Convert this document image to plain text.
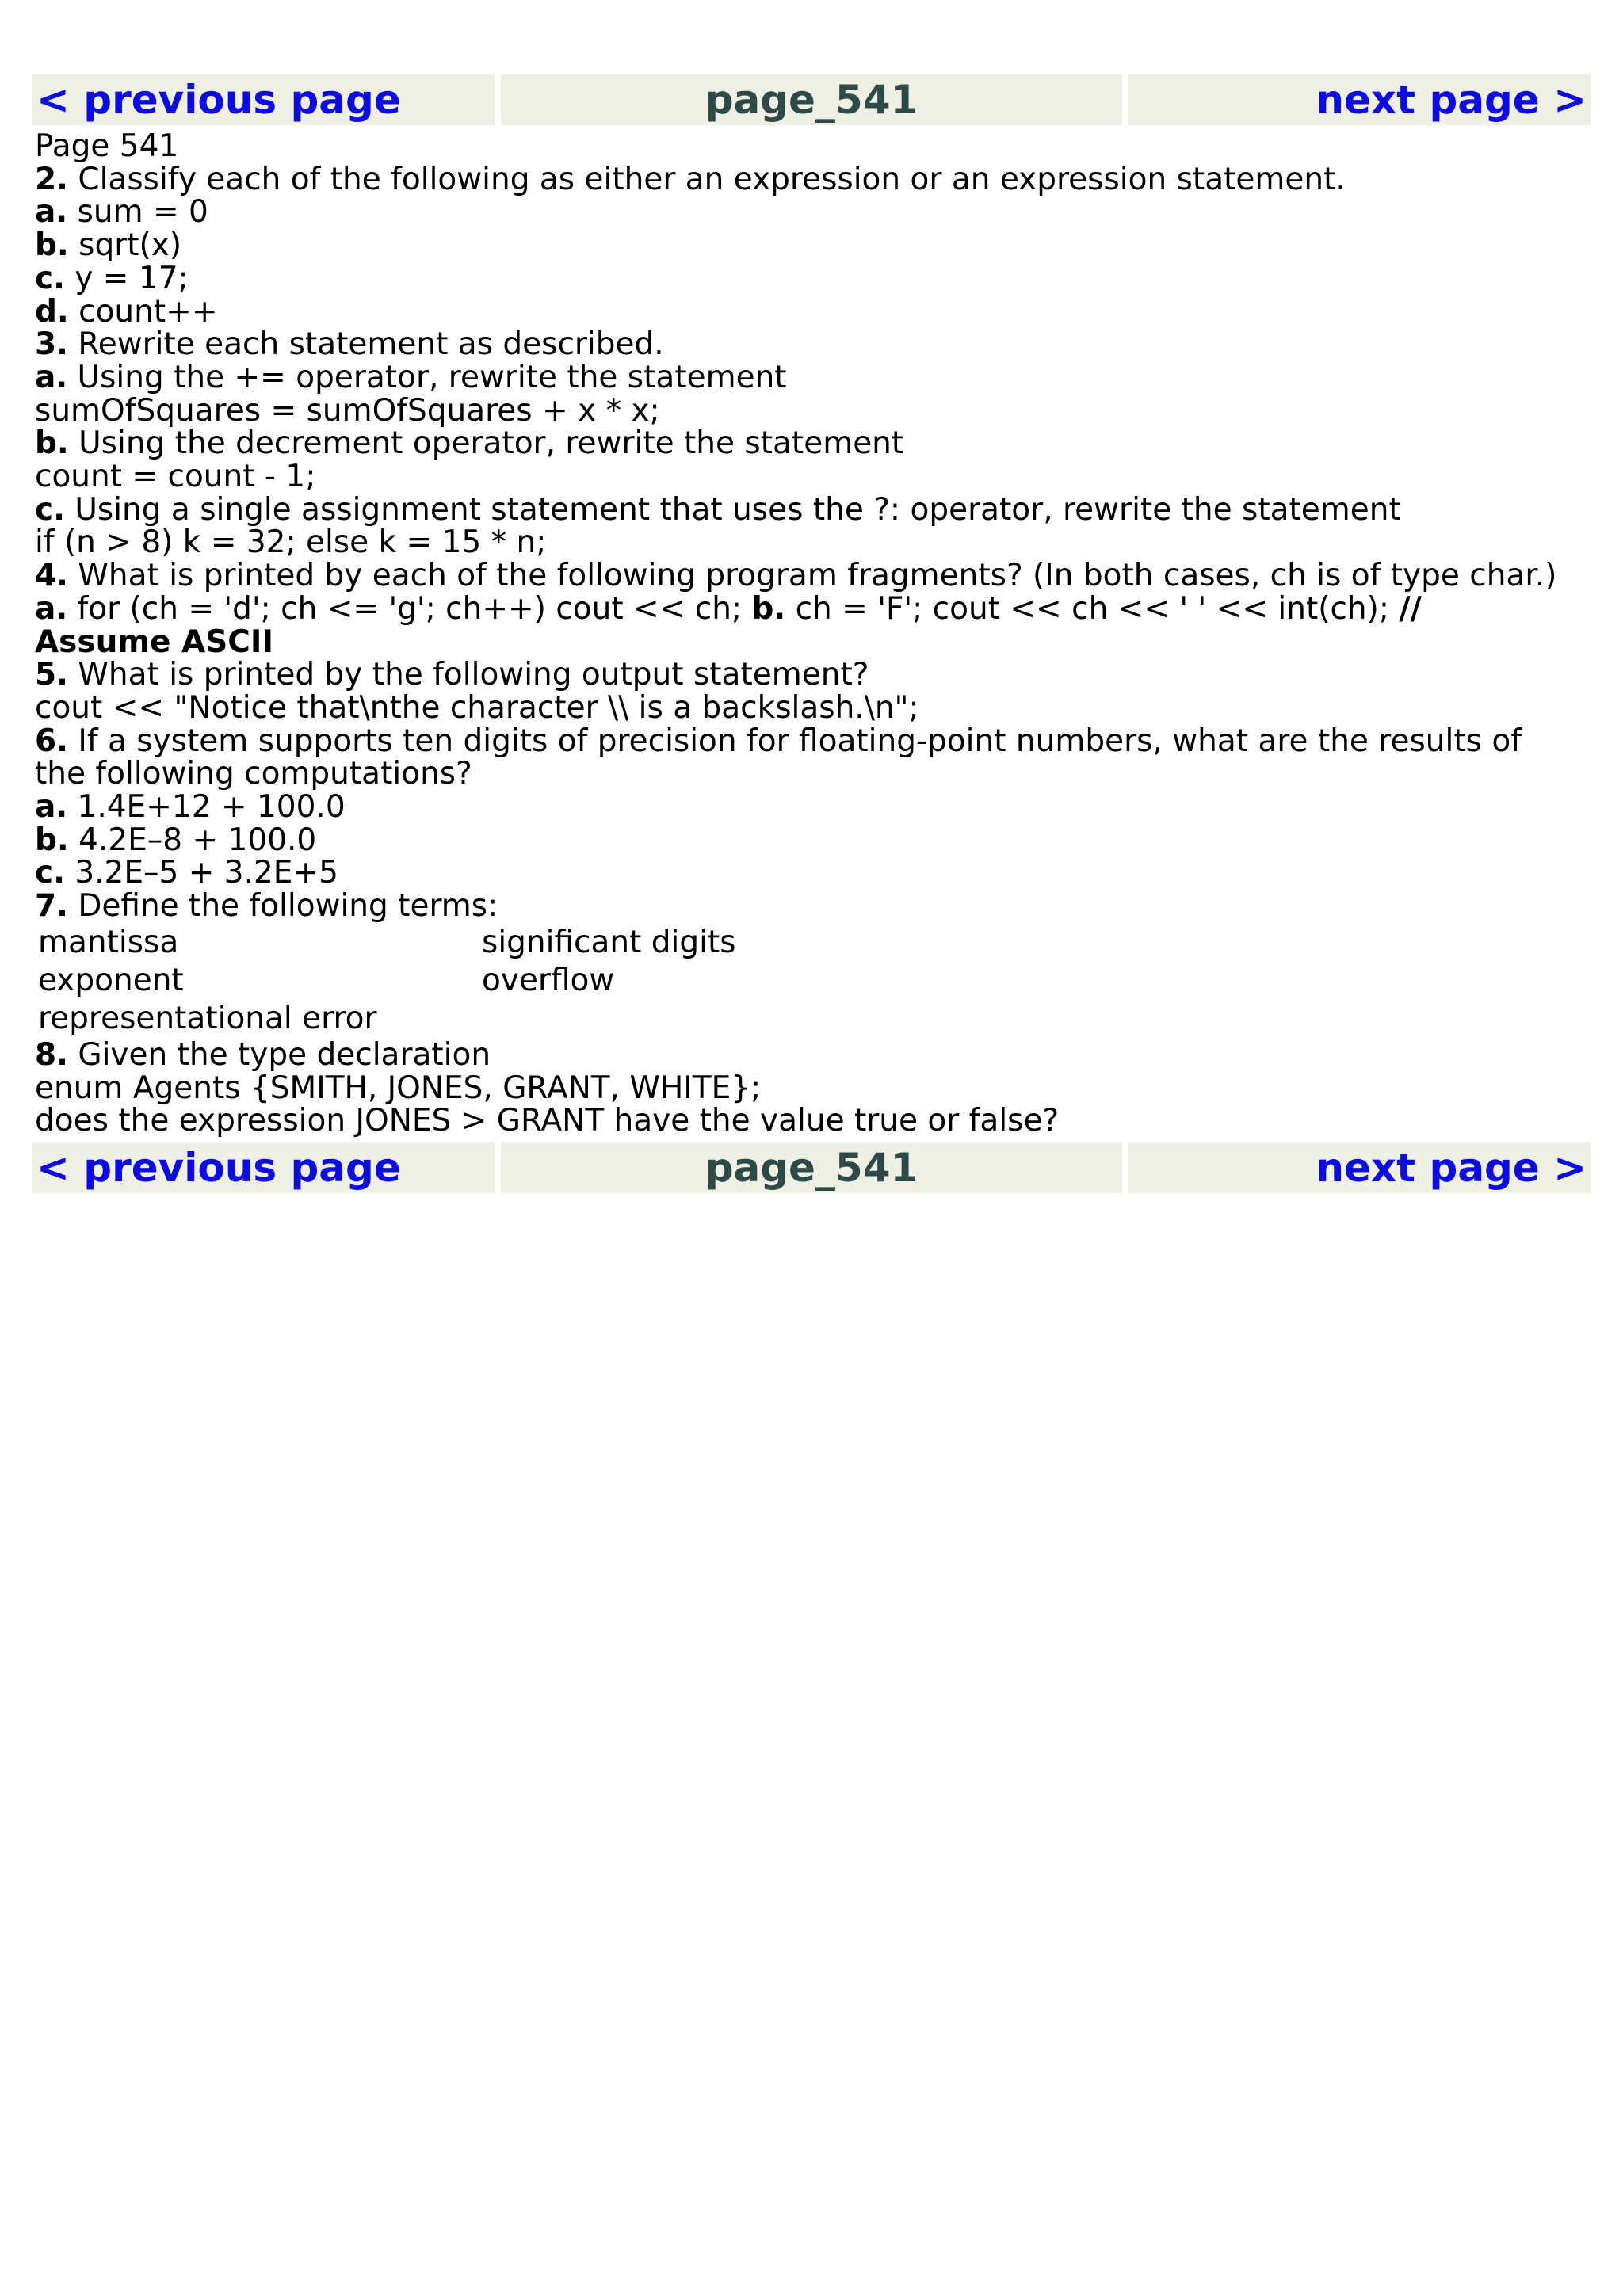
< previous page	page_541	next page >
Page 541
2. Classify each of the following as either an expression or an expression statement.
a. sum = 0
b. sqrt(x)
c. y = 17;
d. count++
3. Rewrite each statement as described.
a. Using the += operator, rewrite the statement
sumOfSquares = sumOfSquares + x * x;
b. Using the decrement operator, rewrite the statement
count = count - 1;
c. Using a single assignment statement that uses the ?: operator, rewrite the statement
if (n > 8) k = 32; else k = 15 * n;
4. What is printed by each of the following program fragments? (In both cases, ch is of type char.)
a. for (ch = 'd'; ch <= 'g'; ch++) cout << ch; b. ch = 'F'; cout << ch << ' ' << int(ch); // Assume ASCII
5. What is printed by the following output statement?
cout << "Notice that\nthe character \\ is a backslash.\n";
6. If a system supports ten digits of precision for floating-point numbers, what are the results of the following computations?
a. 1.4E+12 + 100.0
b. 4.2E–8 + 100.0
c. 3.2E–5 + 3.2E+5
7. Define the following terms:
mantissa	significant digits
exponent	overflow
representational error
8. Given the type declaration
enum Agents {SMITH, JONES, GRANT, WHITE};
does the expression JONES > GRANT have the value true or false?
< previous page	page_541	next page >
